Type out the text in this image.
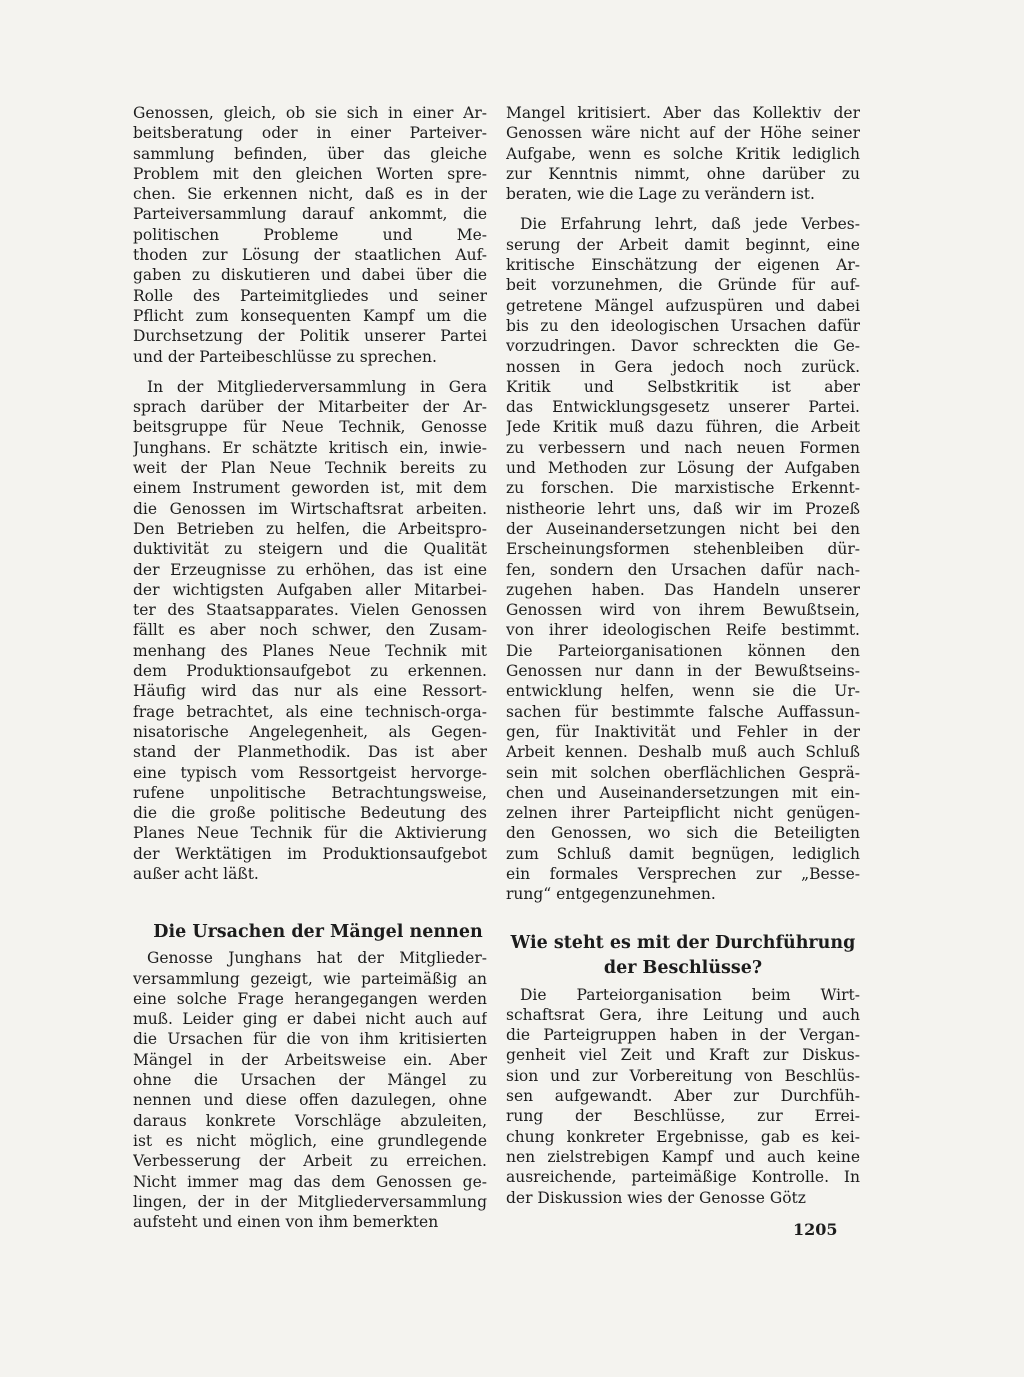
Genossen, gleich, ob sie sich in einer Ar-
beitsberatung oder in einer Parteiver-
sammlung befinden, über das gleiche
Problem mit den gleichen Worten spre-
chen. Sie erkennen nicht, daß es in der
Parteiversammlung darauf ankommt, die
politischen Probleme und Me-
thoden zur Lösung der staatlichen Auf-
gaben zu diskutieren und dabei über die
Rolle des Parteimitgliedes und seiner
Pflicht zum konsequenten Kampf um die
Durchsetzung der Politik unserer Partei
und der Parteibeschlüsse zu sprechen.
In der Mitgliederversammlung in Gera
sprach darüber der Mitarbeiter der Ar-
beitsgruppe für Neue Technik, Genosse
Junghans. Er schätzte kritisch ein, inwie-
weit der Plan Neue Technik bereits zu
einem Instrument geworden ist, mit dem
die Genossen im Wirtschaftsrat arbeiten.
Den Betrieben zu helfen, die Arbeitspro-
duktivität zu steigern und die Qualität
der Erzeugnisse zu erhöhen, das ist eine
der wichtigsten Aufgaben aller Mitarbei-
ter des Staatsapparates. Vielen Genossen
fällt es aber noch schwer, den Zusam-
menhang des Planes Neue Technik mit
dem Produktionsaufgebot zu erkennen.
Häufig wird das nur als eine Ressort-
frage betrachtet, als eine technisch-orga-
nisatorische Angelegenheit, als Gegen-
stand der Planmethodik. Das ist aber
eine typisch vom Ressortgeist hervorge-
rufene unpolitische Betrachtungsweise,
die die große politische Bedeutung des
Planes Neue Technik für die Aktivierung
der Werktätigen im Produktionsaufgebot
außer acht läßt.
Die Ursachen der Mängel nennen
Genosse Junghans hat der Mitglieder-
versammlung gezeigt, wie parteimäßig an
eine solche Frage herangegangen werden
muß. Leider ging er dabei nicht auch auf
die Ursachen für die von ihm kritisierten
Mängel in der Arbeitsweise ein. Aber
ohne die Ursachen der Mängel zu
nennen und diese offen dazulegen, ohne
daraus konkrete Vorschläge abzuleiten,
ist es nicht möglich, eine grundlegende
Verbesserung der Arbeit zu erreichen.
Nicht immer mag das dem Genossen ge-
lingen, der in der Mitgliederversammlung
aufsteht und einen von ihm bemerkten
Mangel kritisiert. Aber das Kollektiv der
Genossen wäre nicht auf der Höhe seiner
Aufgabe, wenn es solche Kritik lediglich
zur Kenntnis nimmt, ohne darüber zu
beraten, wie die Lage zu verändern ist.
Die Erfahrung lehrt, daß jede Verbes-
serung der Arbeit damit beginnt, eine
kritische Einschätzung der eigenen Ar-
beit vorzunehmen, die Gründe für auf-
getretene Mängel aufzuspüren und dabei
bis zu den ideologischen Ursachen dafür
vorzudringen. Davor schreckten die Ge-
nossen in Gera jedoch noch zurück.
Kritik und Selbstkritik ist aber
das Entwicklungsgesetz unserer Partei.
Jede Kritik muß dazu führen, die Arbeit
zu verbessern und nach neuen Formen
und Methoden zur Lösung der Aufgaben
zu forschen. Die marxistische Erkennt-
nistheorie lehrt uns, daß wir im Prozeß
der Auseinandersetzungen nicht bei den
Erscheinungsformen stehenbleiben dür-
fen, sondern den Ursachen dafür nach-
zugehen haben. Das Handeln unserer
Genossen wird von ihrem Bewußtsein,
von ihrer ideologischen Reife bestimmt.
Die Parteiorganisationen können den
Genossen nur dann in der Bewußtseins-
entwicklung helfen, wenn sie die Ur-
sachen für bestimmte falsche Auffassun-
gen, für Inaktivität und Fehler in der
Arbeit kennen. Deshalb muß auch Schluß
sein mit solchen oberflächlichen Gesprä-
chen und Auseinandersetzungen mit ein-
zelnen ihrer Parteipflicht nicht genügen-
den Genossen, wo sich die Beteiligten
zum Schluß damit begnügen, lediglich
ein formales Versprechen zur „Besse-
rung“ entgegenzunehmen.
Wie steht es mit der Durchführung
der Beschlüsse?
Die Parteiorganisation beim Wirt-
schaftsrat Gera, ihre Leitung und auch
die Parteigruppen haben in der Vergan-
genheit viel Zeit und Kraft zur Diskus-
sion und zur Vorbereitung von Beschlüs-
sen aufgewandt. Aber zur Durchfüh-
rung der Beschlüsse, zur Errei-
chung konkreter Ergebnisse, gab es kei-
nen zielstrebigen Kampf und auch keine
ausreichende, parteimäßige Kontrolle. In
der Diskussion wies der Genosse Götz
1205
